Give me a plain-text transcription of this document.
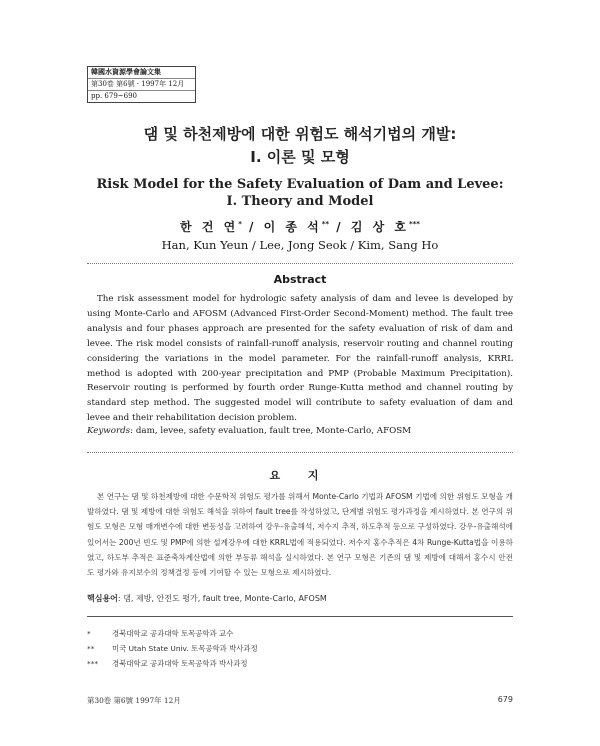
韓國水資源學會論文集
第30卷 第6號 · 1997年 12月
pp. 679~690
댐 및 하천제방에 대한 위험도 해석기법의 개발:
I. 이론 및 모형
Risk Model for the Safety Evaluation of Dam and Levee:
I. Theory and Model
한 건 연* / 이 종 석** / 김 상 호***
Han, Kun Yeun / Lee, Jong Seok / Kim, Sang Ho
Abstract

The risk assessment model for hydrologic safety analysis of dam and levee is developed by using Monte-Carlo and AFOSM (Advanced First-Order Second-Moment) method. The fault tree analysis and four phases approach are presented for the safety evaluation of risk of dam and levee. The risk model consists of rainfall-runoff analysis, reservoir routing and channel routing considering the variations in the model parameter. For the rainfall-runoff analysis, KRRL method is adopted with 200-year precipitation and PMP (Probable Maximum Precipitation). Reservoir routing is performed by fourth order Runge-Kutta method and channel routing by standard step method. The suggested model will contribute to safety evaluation of dam and levee and their rehabilitation decision problem.

Keywords: dam, levee, safety evaluation, fault tree, Monte-Carlo, AFOSM
요 지

본 연구는 댐 및 하천제방에 대한 수문학적 위험도 평가를 위해서 Monte-Carlo 기법과 AFOSM 기법에 의한 위험도 모형을 개발하였다. 댐 및 제방에 대한 위험도 해석을 위하여 fault tree를 작성하였고, 단계별 위험도 평가과정을 제시하였다. 본 연구의 위험도 모형은 모형 매개변수에 대한 변동성을 고려하여 강우-유출해석, 저수지 추적, 하도추적 등으로 구성하였다. 강우-유출해석에 있어서는 200년 빈도 및 PMP에 의한 설계강우에 대한 KRRL법에 적용되었다. 저수지 홍수추적은 4차 Runge-Kutta법을 이용하였고, 하도부 추적은 표준축차계산법에 의한 부등류 해석을 실시하였다. 본 연구 모형은 기존의 댐 및 제방에 대해서 홍수시 안전도 평가와 유지보수의 정책결정 등에 기여할 수 있는 모형으로 제시하였다.

핵심용어: 댐, 제방, 안전도 평가, fault tree, Monte-Carlo, AFOSM
*	경북대학교 공과대학 토목공학과 교수
**	미국 Utah State Univ. 토목공학과 박사과정
***	경북대학교 공과대학 토목공학과 박사과정
第30卷 第6號 1997年 12月	679
